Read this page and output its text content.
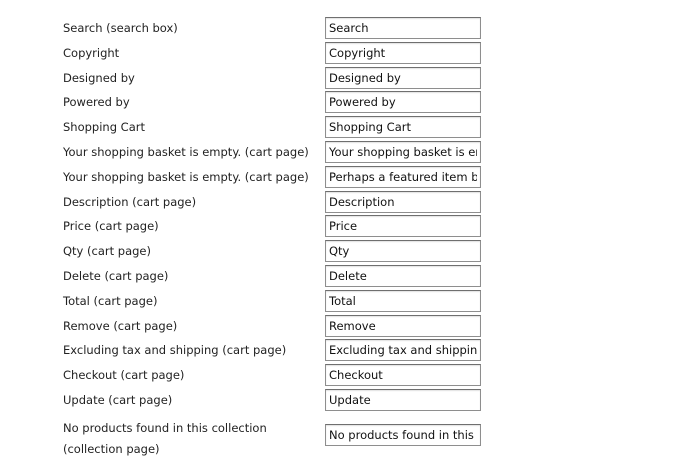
Search (search box)
Search
Copyright
Copyright
Designed by
Designed by
Powered by
Powered by
Shopping Cart
Shopping Cart
Your shopping basket is empty. (cart page)
Your shopping basket is empty.
Your shopping basket is empty. (cart page)
Perhaps a featured item below
Description (cart page)
Description
Price (cart page)
Price
Qty (cart page)
Qty
Delete (cart page)
Delete
Total (cart page)
Total
Remove (cart page)
Remove
Excluding tax and shipping (cart page)
Excluding tax and shipping
Checkout (cart page)
Checkout
Update (cart page)
Update
No products found in this collection (collection page)
No products found in this collection
